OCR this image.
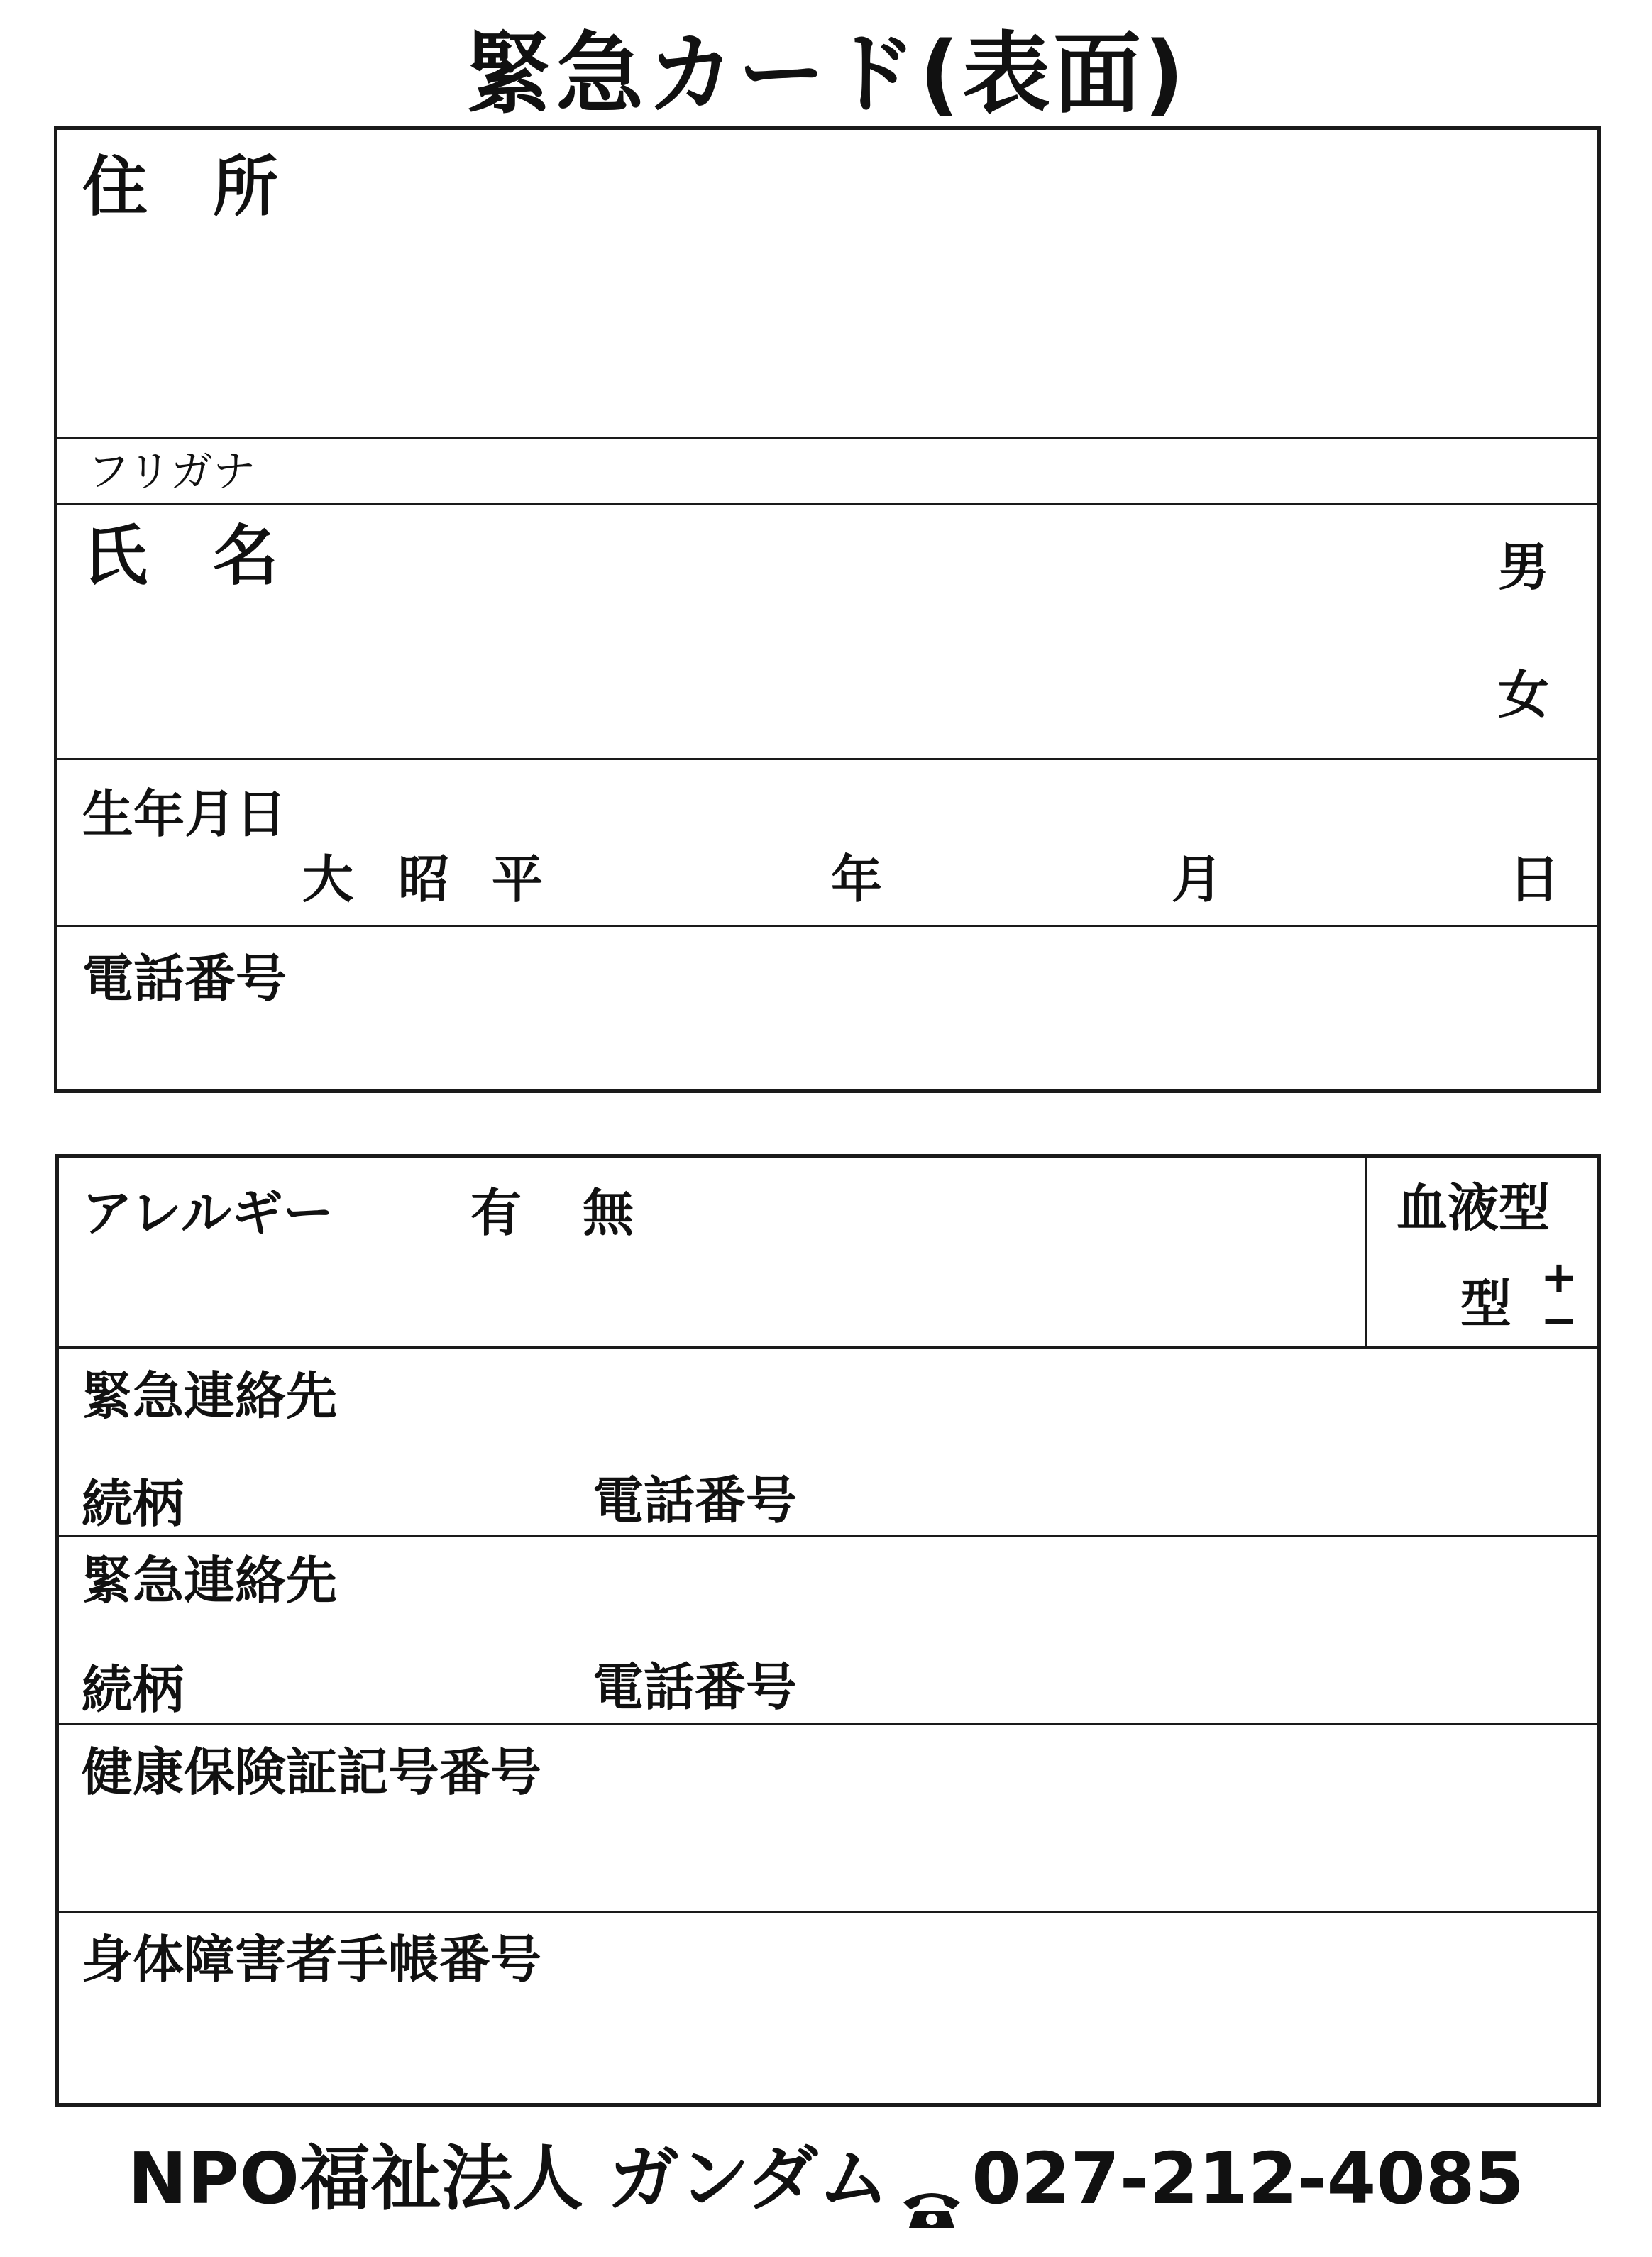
緊急カード(表面)
住　所
フリガナ
氏　名	男
女
生年月日
大 昭 平	年	月	日
電話番号
アレルギー	有 無	血液型
型 +
−
緊急連絡先
続柄	電話番号
緊急連絡先
続柄	電話番号
健康保険証記号番号
身体障害者手帳番号
NPO福祉法人 ガンダム	027-212-4085
